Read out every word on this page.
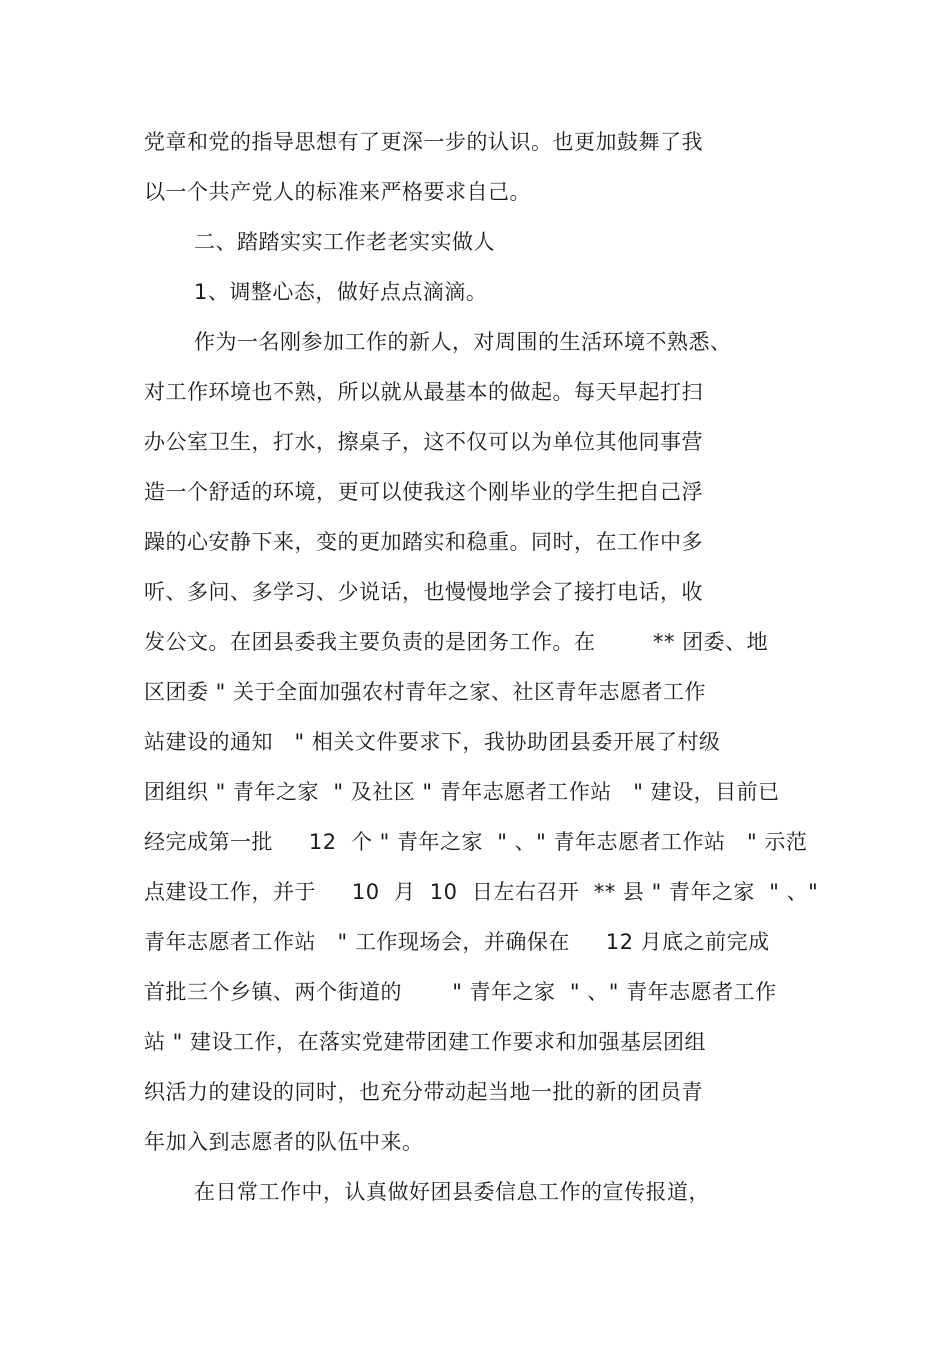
党章和党的指导思想有了更深一步的认识。也更加鼓舞了我
以一个共产党人的标准来严格要求自己。
二、踏踏实实工作老老实实做人
1、调整心态，做好点点滴滴。
作为一名刚参加工作的新人，对周围的生活环境不熟悉、
对工作环境也不熟，所以就从最基本的做起。每天早起打扫
办公室卫生，打水，擦桌子，这不仅可以为单位其他同事营
造一个舒适的环境，更可以使我这个刚毕业的学生把自己浮
躁的心安静下来，变的更加踏实和稳重。同时，在工作中多
听、多问、多学习、少说话，也慢慢地学会了接打电话，收
发公文。在团县委我主要负责的是团务工作。在        ** 团委、地
区团委 " 关于全面加强农村青年之家、社区青年志愿者工作
站建设的通知   " 相关文件要求下，我协助团县委开展了村级
团组织 " 青年之家  " 及社区 " 青年志愿者工作站   " 建设，目前已
经完成第一批     12  个 " 青年之家  " 、" 青年志愿者工作站   " 示范
点建设工作，并于     10  月  10  日左右召开  ** 县 " 青年之家  " 、"
青年志愿者工作站   " 工作现场会，并确保在     12 月底之前完成
首批三个乡镇、两个街道的       " 青年之家  " 、" 青年志愿者工作
站 " 建设工作，在落实党建带团建工作要求和加强基层团组
织活力的建设的同时，也充分带动起当地一批的新的团员青
年加入到志愿者的队伍中来。
在日常工作中，认真做好团县委信息工作的宣传报道，
